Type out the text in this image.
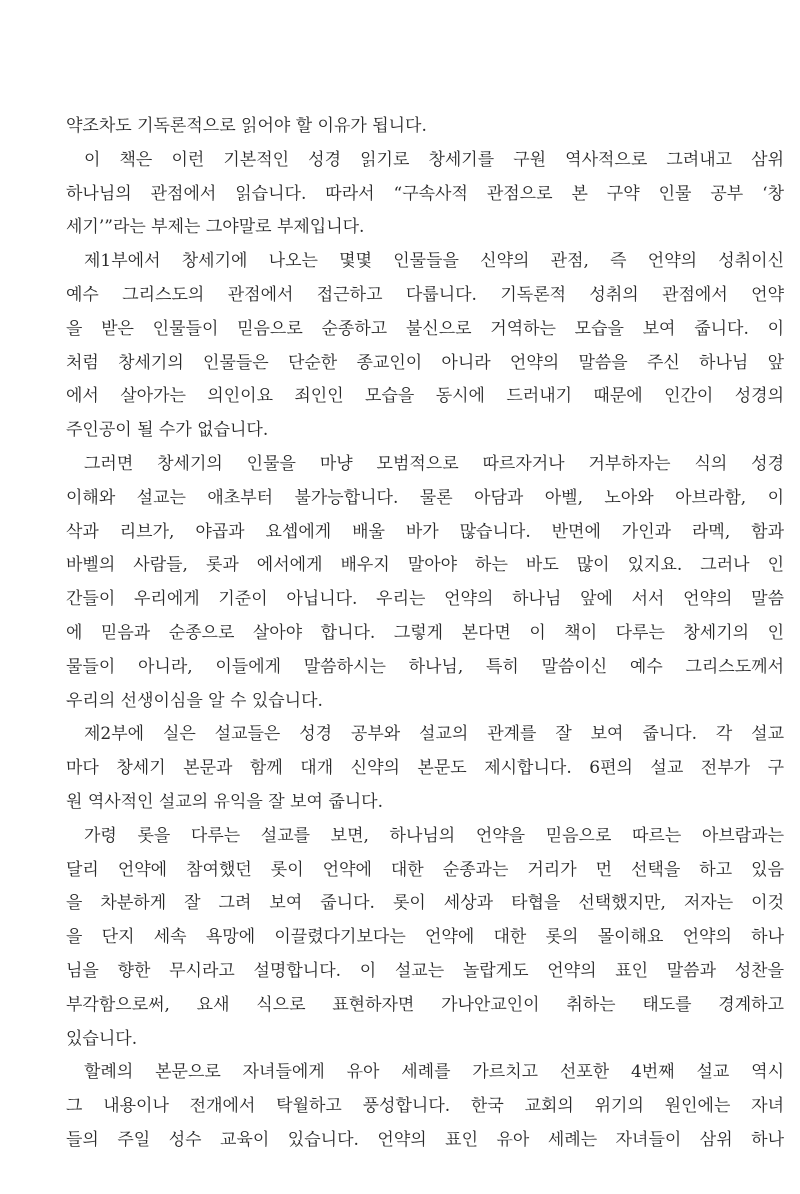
약조차도 기독론적으로 읽어야 할 이유가 됩니다.
이 책은 이런 기본적인 성경 읽기로 창세기를 구원 역사적으로 그려내고 삼위
하나님의 관점에서 읽습니다. 따라서 “구속사적 관점으로 본 구약 인물 공부 ‘창
세기’”라는 부제는 그야말로 부제입니다.
제1부에서 창세기에 나오는 몇몇 인물들을 신약의 관점, 즉 언약의 성취이신
예수 그리스도의 관점에서 접근하고 다룹니다. 기독론적 성취의 관점에서 언약
을 받은 인물들이 믿음으로 순종하고 불신으로 거역하는 모습을 보여 줍니다. 이
처럼 창세기의 인물들은 단순한 종교인이 아니라 언약의 말씀을 주신 하나님 앞
에서 살아가는 의인이요 죄인인 모습을 동시에 드러내기 때문에 인간이 성경의
주인공이 될 수가 없습니다.
그러면 창세기의 인물을 마냥 모범적으로 따르자거나 거부하자는 식의 성경
이해와 설교는 애초부터 불가능합니다. 물론 아담과 아벨, 노아와 아브라함, 이
삭과 리브가, 야곱과 요셉에게 배울 바가 많습니다. 반면에 가인과 라멕, 함과
바벨의 사람들, 롯과 에서에게 배우지 말아야 하는 바도 많이 있지요. 그러나 인
간들이 우리에게 기준이 아닙니다. 우리는 언약의 하나님 앞에 서서 언약의 말씀
에 믿음과 순종으로 살아야 합니다. 그렇게 본다면 이 책이 다루는 창세기의 인
물들이 아니라, 이들에게 말씀하시는 하나님, 특히 말씀이신 예수 그리스도께서
우리의 선생이심을 알 수 있습니다.
제2부에 실은 설교들은 성경 공부와 설교의 관계를 잘 보여 줍니다. 각 설교
마다 창세기 본문과 함께 대개 신약의 본문도 제시합니다. 6편의 설교 전부가 구
원 역사적인 설교의 유익을 잘 보여 줍니다.
가령 롯을 다루는 설교를 보면, 하나님의 언약을 믿음으로 따르는 아브람과는
달리 언약에 참여했던 롯이 언약에 대한 순종과는 거리가 먼 선택을 하고 있음
을 차분하게 잘 그려 보여 줍니다. 롯이 세상과 타협을 선택했지만, 저자는 이것
을 단지 세속 욕망에 이끌렸다기보다는 언약에 대한 롯의 몰이해요 언약의 하나
님을 향한 무시라고 설명합니다. 이 설교는 놀랍게도 언약의 표인 말씀과 성찬을
부각함으로써, 요새 식으로 표현하자면 가나안교인이 취하는 태도를 경계하고
있습니다.
할례의 본문으로 자녀들에게 유아 세례를 가르치고 선포한 4번째 설교 역시
그 내용이나 전개에서 탁월하고 풍성합니다. 한국 교회의 위기의 원인에는 자녀
들의 주일 성수 교육이 있습니다. 언약의 표인 유아 세례는 자녀들이 삼위 하나
